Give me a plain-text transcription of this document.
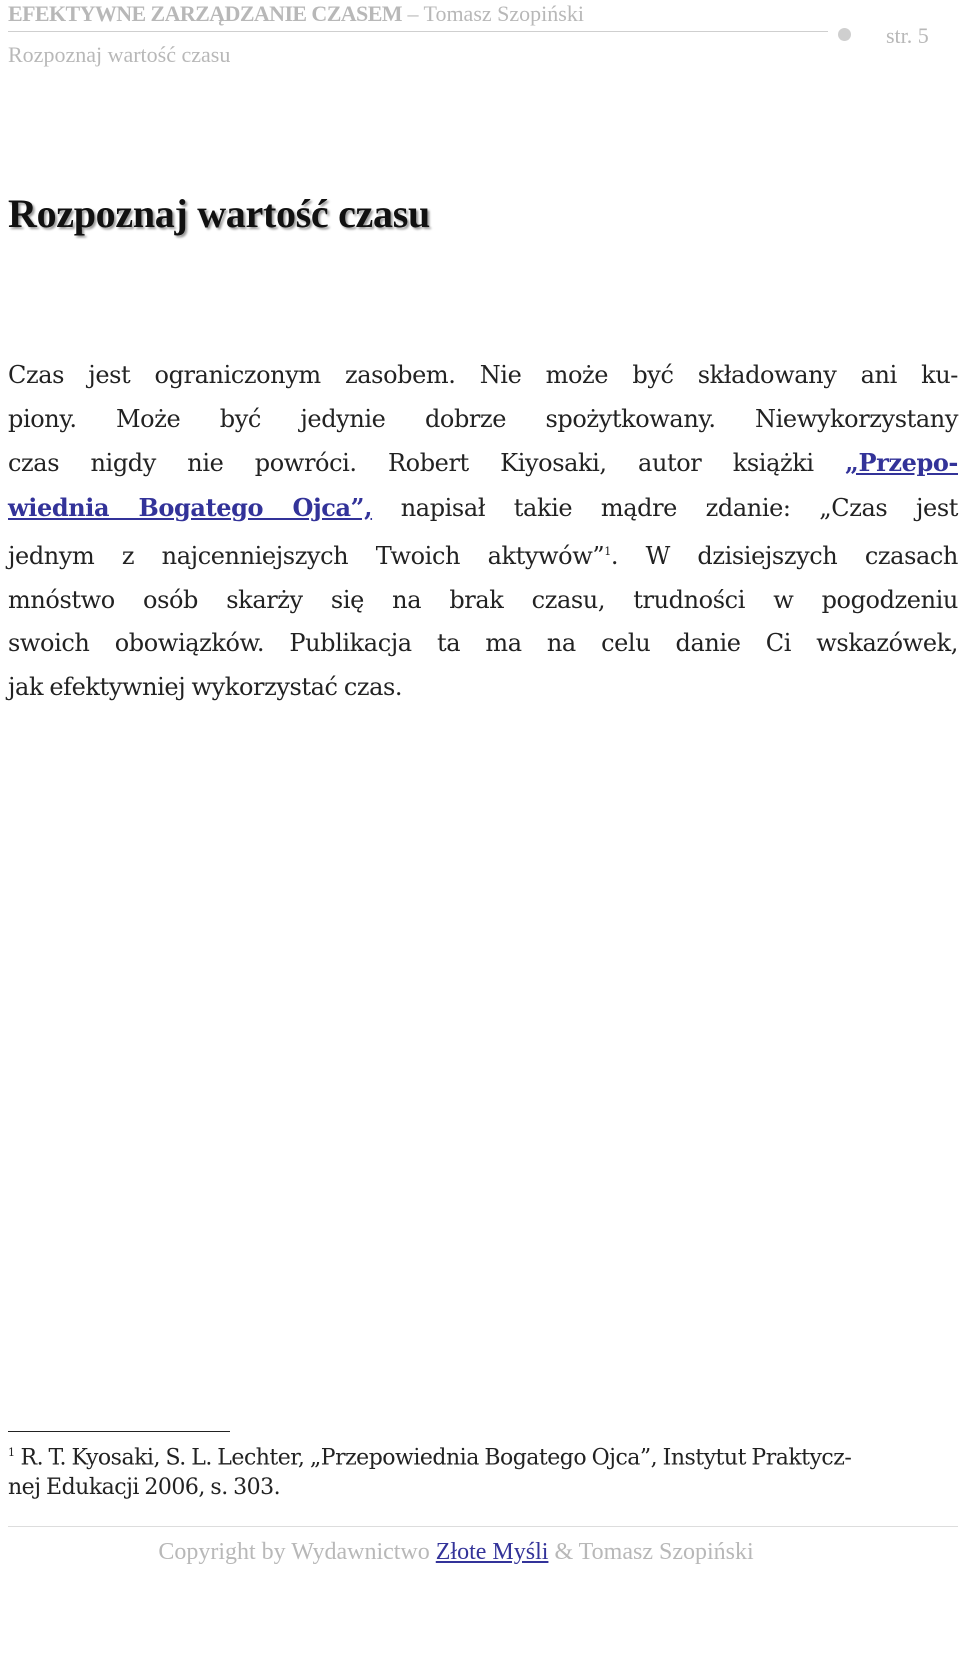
EFEKTYWNE ZARZĄDZANIE CZASEM – Tomasz Szopiński
Rozpoznaj wartość czasu
str. 5
Rozpoznaj wartość czasu
Czas jest ograniczonym zasobem. Nie może być składowany ani ku-
piony. Może być jedynie dobrze spożytkowany. Niewykorzystany
czas nigdy nie powróci. Robert Kiyosaki, autor książki „Przepo-
wiednia Bogatego Ojca”, napisał takie mądre zdanie: „Czas jest
jednym z najcenniejszych Twoich aktywów”$^1$. W dzisiejszych czasach
mnóstwo osób skarży się na brak czasu, trudności w pogodzeniu
swoich obowiązków. Publikacja ta ma na celu danie Ci wskazówek,
jak efektywniej wykorzystać czas.
$^1$ R. T. Kyosaki, S. L. Lechter, „Przepowiednia Bogatego Ojca”, Instytut Praktycz-
nej Edukacji 2006, s. 303.
Copyright by Wydawnictwo Złote Myśli & Tomasz Szopiński
